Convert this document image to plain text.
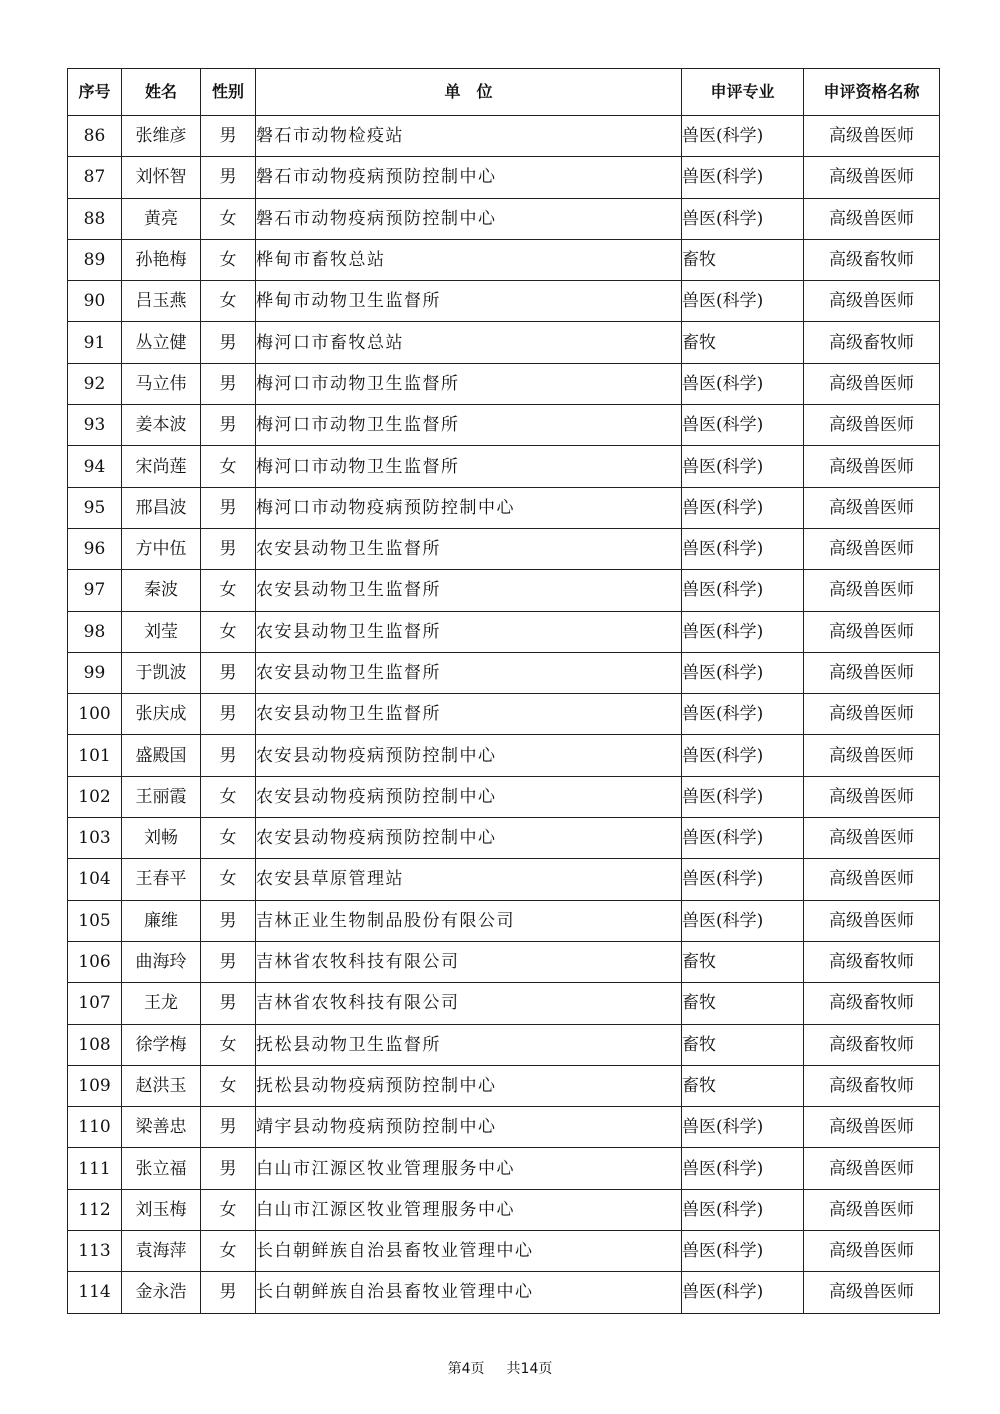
序号	姓名	性别	单　位	申评专业	申评资格名称
86	张维彦	男	磐石市动物检疫站	兽医(科学)	高级兽医师
87	刘怀智	男	磐石市动物疫病预防控制中心	兽医(科学)	高级兽医师
88	黄亮	女	磐石市动物疫病预防控制中心	兽医(科学)	高级兽医师
89	孙艳梅	女	桦甸市畜牧总站	畜牧	高级畜牧师
90	吕玉燕	女	桦甸市动物卫生监督所	兽医(科学)	高级兽医师
91	丛立健	男	梅河口市畜牧总站	畜牧	高级畜牧师
92	马立伟	男	梅河口市动物卫生监督所	兽医(科学)	高级兽医师
93	姜本波	男	梅河口市动物卫生监督所	兽医(科学)	高级兽医师
94	宋尚莲	女	梅河口市动物卫生监督所	兽医(科学)	高级兽医师
95	邢昌波	男	梅河口市动物疫病预防控制中心	兽医(科学)	高级兽医师
96	方中伍	男	农安县动物卫生监督所	兽医(科学)	高级兽医师
97	秦波	女	农安县动物卫生监督所	兽医(科学)	高级兽医师
98	刘莹	女	农安县动物卫生监督所	兽医(科学)	高级兽医师
99	于凯波	男	农安县动物卫生监督所	兽医(科学)	高级兽医师
100	张庆成	男	农安县动物卫生监督所	兽医(科学)	高级兽医师
101	盛殿国	男	农安县动物疫病预防控制中心	兽医(科学)	高级兽医师
102	王丽霞	女	农安县动物疫病预防控制中心	兽医(科学)	高级兽医师
103	刘畅	女	农安县动物疫病预防控制中心	兽医(科学)	高级兽医师
104	王春平	女	农安县草原管理站	兽医(科学)	高级兽医师
105	廉维	男	吉林正业生物制品股份有限公司	兽医(科学)	高级兽医师
106	曲海玲	男	吉林省农牧科技有限公司	畜牧	高级畜牧师
107	王龙	男	吉林省农牧科技有限公司	畜牧	高级畜牧师
108	徐学梅	女	抚松县动物卫生监督所	畜牧	高级畜牧师
109	赵洪玉	女	抚松县动物疫病预防控制中心	畜牧	高级畜牧师
110	梁善忠	男	靖宇县动物疫病预防控制中心	兽医(科学)	高级兽医师
111	张立福	男	白山市江源区牧业管理服务中心	兽医(科学)	高级兽医师
112	刘玉梅	女	白山市江源区牧业管理服务中心	兽医(科学)	高级兽医师
113	袁海萍	女	长白朝鲜族自治县畜牧业管理中心	兽医(科学)	高级兽医师
114	金永浩	男	长白朝鲜族自治县畜牧业管理中心	兽医(科学)	高级兽医师
第4页 共14页
